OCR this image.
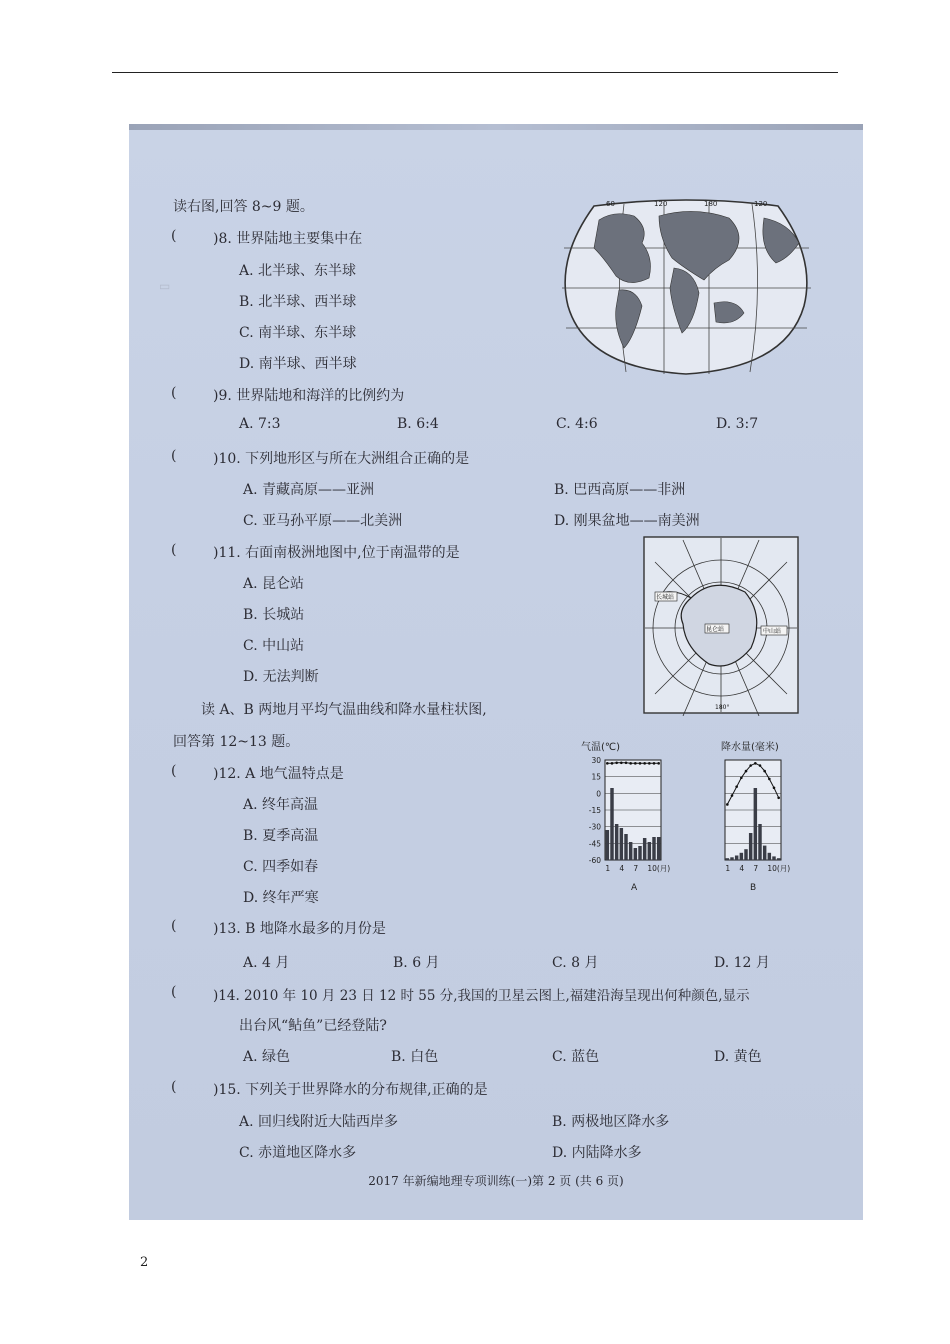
▭
读右图,回答 8~9 题。
(	)8. 世界陆地主要集中在
A. 北半球、东半球
B. 北半球、西半球
C. 南半球、东半球
D. 南半球、西半球
60	120	180	120
(	)9. 世界陆地和海洋的比例约为
A. 7:3	B. 6:4	C. 4:6	D. 3:7
(	)10. 下列地形区与所在大洲组合正确的是
A. 青藏高原——亚洲	B. 巴西高原——非洲
C. 亚马孙平原——北美洲	D. 刚果盆地——南美洲
(	)11. 右面南极洲地图中,位于南温带的是
A. 昆仑站
B. 长城站
C. 中山站
D. 无法判断
长城站
昆仑站	中山站
180°
读 A、B 两地月平均气温曲线和降水量柱状图,
回答第 12~13 题。
(	)12. A 地气温特点是
A. 终年高温
B. 夏季高温
C. 四季如春
D. 终年严寒
气温(℃)	降水量(毫米)
30
15
0
-15
-30
-45
-60
1 4 7 10(月)	1 4 7 10(月)
A	B
(	)13. B 地降水最多的月份是
A. 4 月	B. 6 月	C. 8 月	D. 12 月
(	)14. 2010 年 10 月 23 日 12 时 55 分,我国的卫星云图上,福建沿海呈现出何种颜色,显示
出台风“鲇鱼”已经登陆?
A. 绿色	B. 白色	C. 蓝色	D. 黄色
(	)15. 下列关于世界降水的分布规律,正确的是
A. 回归线附近大陆西岸多	B. 两极地区降水多
C. 赤道地区降水多	D. 内陆降水多
2017 年新编地理专项训练(一)第 2 页 (共 6 页)
2
